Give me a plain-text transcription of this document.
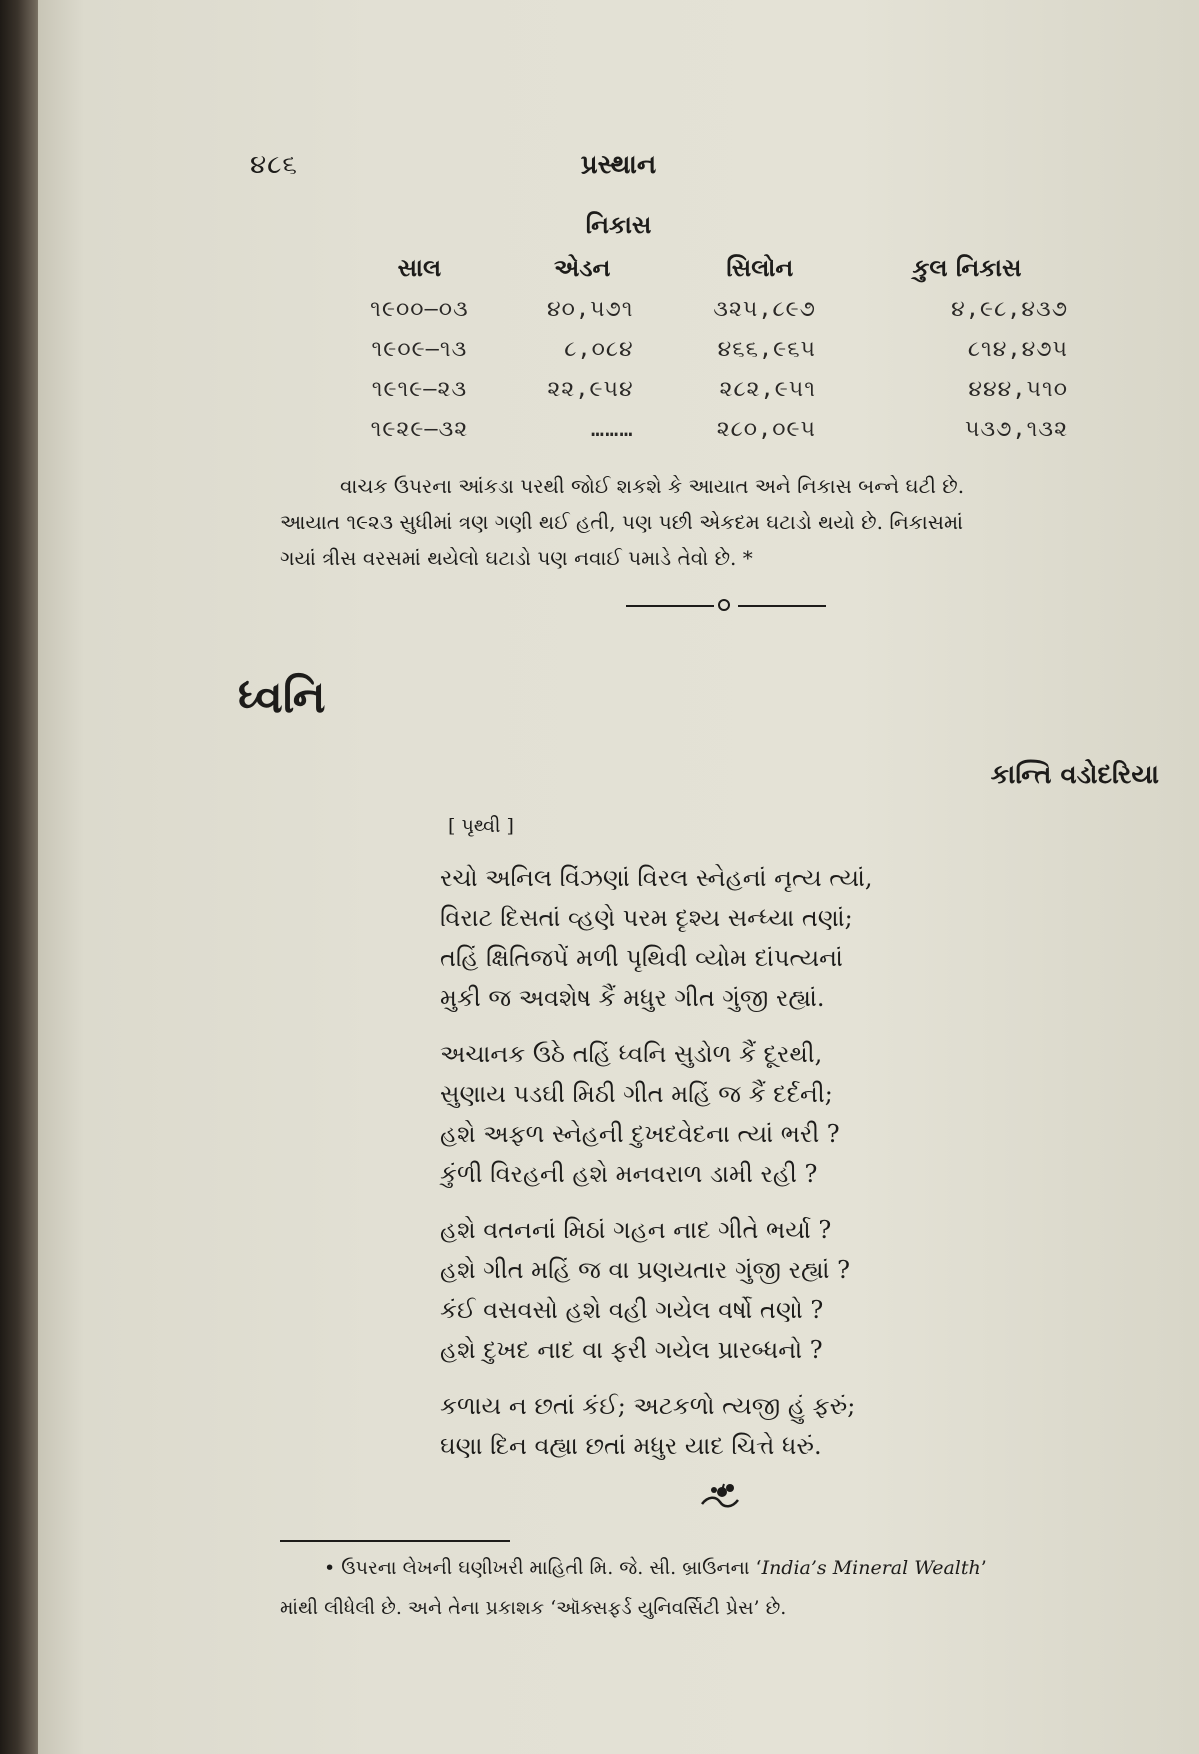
૪૮૬	પ્રસ્થાન
નિકાસ
સાલ	એડન	સિલોન	કુલ નિકાસ
૧૯૦૦–૦૩	૪૦,૫૭૧	૩૨૫,૮૯૭	૪,૯૮,૪૩૭
૧૯૦૯–૧૩	૮,૦૮૪	૪૬૬,૯૬૫	૮૧૪,૪૭૫
૧૯૧૯–૨૩	૨૨,૯૫૪	૨૮૨,૯૫૧	૪૪૪,૫૧૦
૧૯૨૯–૩૨	………	૨૮૦,૦૯૫	૫૩૭,૧૩૨
વાચક ઉપરના આંકડા પરથી જોઈ શકશે કે આયાત અને નિકાસ બન્ને ઘટી છે.
આયાત ૧૯૨૩ સુધીમાં ત્રણ ગણી થઈ હતી, પણ પછી એકદમ ઘટાડો થયો છે. નિકાસમાં
ગયાં ત્રીસ વરસમાં થયેલો ઘટાડો પણ નવાઈ પમાડે તેવો છે. *
ધ્વનિ
કાન્તિ વડોદરિયા
[ પૃથ્વી ]
રચો અનિલ વિંઝણાં વિરલ સ્નેહનાં નૃત્ય ત્યાં,
વિરાટ દિસતાં વ્હણે પરમ દૃશ્ય સન્ધ્યા તણાં;
તહિં ક્ષિતિજપેં મળી પૃથિવી વ્યોમ દાંપત્યનાં
મુકી જ અવશેષ કૈં મધુર ગીત ગુંજી રહ્યાં.
અચાનક ઉઠે તહિં ધ્વનિ સુડોળ કૈં દૂરથી,
સુણાય પડઘી મિઠી ગીત મહિં જ કૈં દર્દની;
હશે અફળ સ્નેહની દુખદવેદના ત્યાં ભરી ?
કુંળી વિરહની હશે મનવરાળ ડામી રહી ?
હશે વતનનાં મિઠાં ગહન નાદ ગીતે ભર્યા ?
હશે ગીત મહિં જ વા પ્રણયતાર ગુંજી રહ્યાં ?
કંઈ વસવસો હશે વહી ગયેલ વર્ષો તણો ?
હશે દુખદ નાદ વા ફરી ગયેલ પ્રારબ્ધનો ?
કળાય ન છતાં કંઈ; અટકળો ત્યજી હું ફરું;
ઘણા દિન વહ્યા છતાં મધુર યાદ ચિત્તે ધરું.
• ઉપરના લેખની ઘણીખરી માહિતી મિ. જે. સી. બ્રાઉનના ‘India’s Mineral Wealth’
માંથી લીધેલી છે. અને તેના પ્રકાશક ‘ઑક્સફર્ડ યુનિવર્સિટી પ્રેસ’ છે.
